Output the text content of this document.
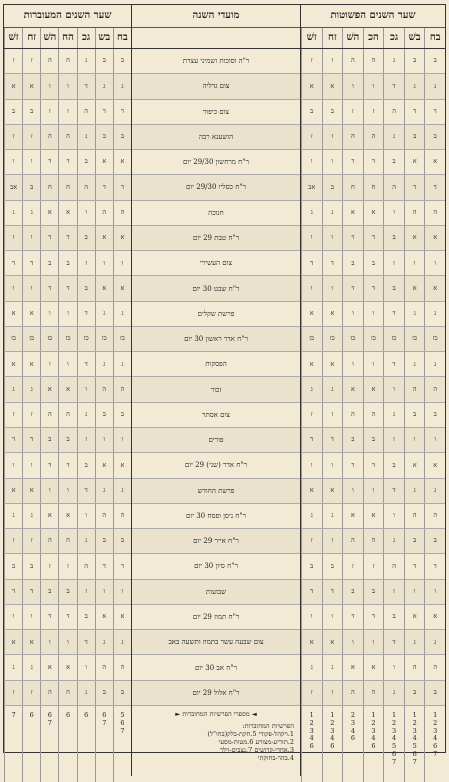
שער השנים המעוברות
בח
בש
גכ
הח
השׁ
זח
זשׁ
ב
ב
ג
ה
ה
ז
ז
ג
ג
ד
ו
ו
א
א
ד
ד
ה
ז
ז
ב
ב
ב
ב
ג
ה
ה
ז
ז
א
א
ב
ד
ד
ו
ו
ד
ד
ה
ח
ח
ב
אב
ה
ה
ו
א
א
ג
ג
א
א
ב
ד
ד
ו
ו
ו
ו
ז
ב
ב
ד
ד
א
א
ב
ד
ד
ו
ו
ג
ג
ד
ו
ו
א
א
כז
כז
כז
כז
כז
כז
כז
ג
ג
ד
ו
ו
א
א
ה
ה
ו
א
א
ג
ג
ב
ב
ג
ה
ה
ז
ז
ו
ו
ז
ב
ב
ד
ד
א
א
ב
ד
ד
ו
ו
ג
ג
ד
ו
ו
א
א
ה
ה
ו
א
א
ג
ג
ב
ב
ג
ה
ה
ז
ז
ד
ד
ה
ז
ז
ב
ב
ו
ו
ז
ב
ב
ד
ד
א
א
ב
ד
ד
ו
ו
ג
ג
ד
ו
ו
א
א
ה
ה
ו
א
א
ג
ג
ב
ב
ג
ה
ה
ז
ז
5
6
7
6
7
6
6
6
7
6
7
מועדי השנה
ר"ה וסוכות ושמיני עצרת
צום גדליה
צום כיפור
הושענא רבה
ר"ח מרחשון 29/30 יום
ר"ח כסליו 29/30 יום
חנוכה
ר"ח טבת 29 יום
צום העשירי
ר"ח שבט 30 יום
פרשת שקלים
ר"ח אדר ראשון 30 יום
הפסקות
זכור
צום אסתר
פורים
ר"ח אדר (שני) 29 יום
פרשת החודש
ר"ח ניסן ופסח 30 יום
ר"ח אייר 29 יום
ר"ח סיון 30 יום
שבועות
ר"ח תמוז 29 יום
צום שבעה עשר בתמוז ותשעה באב
ר"ח אב 30 יום
ר"ח אלול 29 יום
◄ מספרי הפרשיות המחוברות ►
הפרשיות המחוברות:
1.ויקהל-פקודי 5.חקת-בלק(בחו"ל)
2.תזריע-מצורע 6.מטות-מסעי
3.אחרי-קדושים 7.נצבים-וילך
4.בהר-בחוקתי
שער השנים הפשוטות
בח
בשׁ
גכ
הכ
השׁ
זח
זשׁ
ב
ב
ג
ה
ה
ז
ז
ג
ג
ד
ו
ו
א
א
ד
ד
ה
ז
ז
ב
ב
ב
ב
ג
ה
ה
ז
ז
א
א
ב
ד
ד
ו
ו
ד
ד
ה
ח
ח
ב
אב
ה
ה
ו
א
א
ג
ג
א
א
ב
ד
ד
ו
ו
ו
ו
ז
ב
ב
ד
ד
א
א
ב
ד
ד
ו
ו
ג
ג
ד
ו
ו
א
א
כז
כז
כז
כז
כז
כז
כז
ג
ג
ד
ו
ו
א
א
ה
ה
ו
א
א
ג
ג
ב
ב
ג
ה
ה
ז
ז
ו
ו
ז
ב
ב
ד
ד
א
א
ב
ד
ד
ו
ו
ג
ג
ד
ו
ו
א
א
ה
ה
ו
א
א
ג
ג
ב
ב
ג
ה
ה
ז
ז
ד
ד
ה
ז
ז
ב
ב
ו
ו
ז
ב
ב
ד
ד
א
א
ב
ד
ד
ו
ו
ג
ג
ד
ו
ו
א
א
ה
ה
ו
א
א
ג
ג
ב
ב
ג
ה
ה
ז
ז
1
2
3
4
6
7
1
2
3
4
5
6
7
1
2
3
4
5
6
7
1
2
3
4
6
2
3
4
6
1
2
3
4
6
1
2
3
4
6
